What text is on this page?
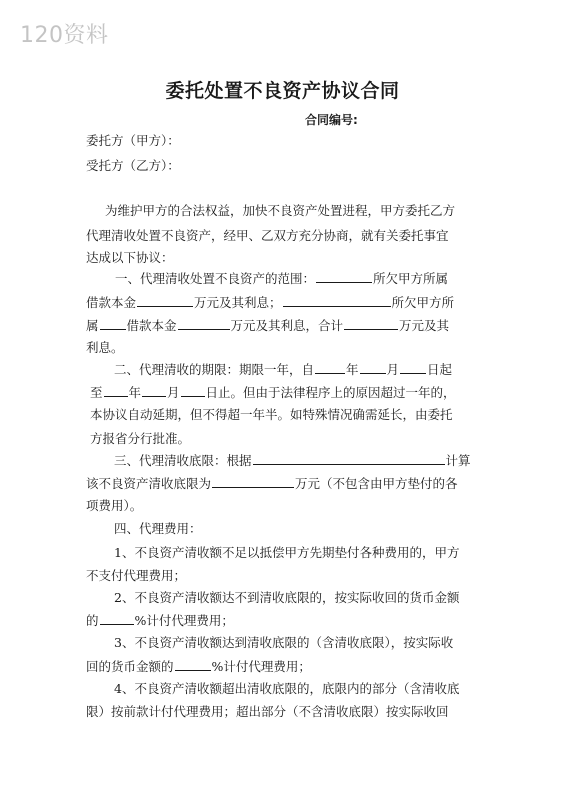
120资料
委托处置不良资产协议合同
合同编号:
委托方（甲方）：
受托方（乙方）：
为维护甲方的合法权益，加快不良资产处置进程，甲方委托乙方
代理清收处置不良资产，经甲、乙双方充分协商，就有关委托事宜
达成以下协议：
一、代理清收处置不良资产的范围：	所欠甲方所属
借款本金	万元及其利息；	所欠甲方所
属 借款本金	万元及其利息，合计	万元及其
利息。
二、代理清收的期限：期限一年，自	年 月 日起
至 年 月 日止。但由于法律程序上的原因超过一年的，
本协议自动延期，但不得超一年半。如特殊情况确需延长，由委托
方报省分行批准。
三、代理清收底限：根据	计算
该不良资产清收底限为	万元（不包含由甲方垫付的各
项费用）。
四、代理费用：
1、不良资产清收额不足以抵偿甲方先期垫付各种费用的，甲方
不支付代理费用；
2、不良资产清收额达不到清收底限的，按实际收回的货币金额
的	%计付代理费用；
3、不良资产清收额达到清收底限的（含清收底限），按实际收
回的货币金额的	%计付代理费用；
4、不良资产清收额超出清收底限的，底限内的部分（含清收底
限）按前款计付代理费用；超出部分（不含清收底限）按实际收回
